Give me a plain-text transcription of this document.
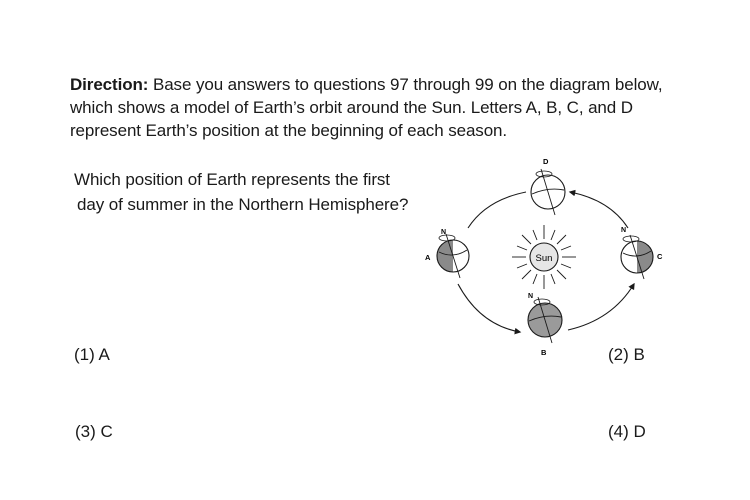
Direction: Base you answers to questions 97 through 99 on the diagram below, which shows a model of Earth’s orbit around the Sun. Letters A, B, C, and D represent Earth’s position at the beginning of each season.
Which position of Earth represents the first
day of summer in the Northern Hemisphere?
Sun
N
A
N
B
N
C
D
(1) A	(2) B
(3) C	(4) D
